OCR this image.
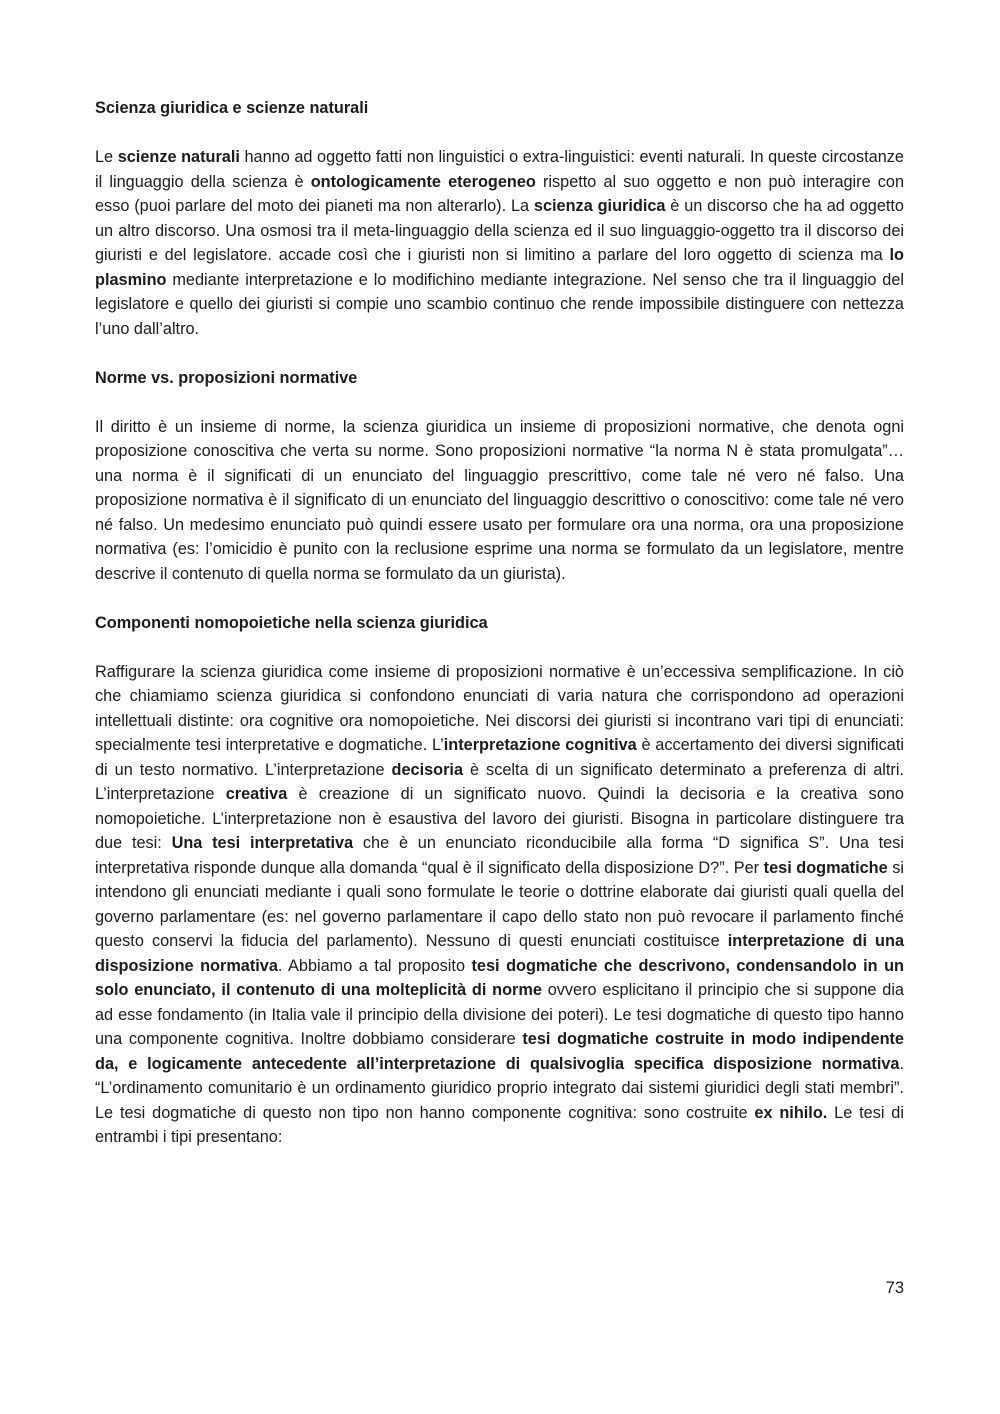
Scienza giuridica e scienze naturali

Le scienze naturali hanno ad oggetto fatti non linguistici o extra-linguistici: eventi naturali. In queste circostanze il linguaggio della scienza è ontologicamente eterogeneo rispetto al suo oggetto e non può interagire con esso (puoi parlare del moto dei pianeti ma non alterarlo). La scienza giuridica è un discorso che ha ad oggetto un altro discorso. Una osmosi tra il meta-linguaggio della scienza ed il suo linguaggio-oggetto tra il discorso dei giuristi e del legislatore. accade così che i giuristi non si limitino a parlare del loro oggetto di scienza ma lo plasmino mediante interpretazione e lo modifichino mediante integrazione. Nel senso che tra il linguaggio del legislatore e quello dei giuristi si compie uno scambio continuo che rende impossibile distinguere con nettezza l’uno dall’altro.

Norme vs. proposizioni normative

Il diritto è un insieme di norme, la scienza giuridica un insieme di proposizioni normative, che denota ogni proposizione conoscitiva che verta su norme. Sono proposizioni normative “la norma N è stata promulgata”… una norma è il significati di un enunciato del linguaggio prescrittivo, come tale né vero né falso. Una proposizione normativa è il significato di un enunciato del linguaggio descrittivo o conoscitivo: come tale né vero né falso. Un medesimo enunciato può quindi essere usato per formulare ora una norma, ora una proposizione normativa (es: l’omicidio è punito con la reclusione esprime una norma se formulato da un legislatore, mentre descrive il contenuto di quella norma se formulato da un giurista).

Componenti nomopoietiche nella scienza giuridica

Raffigurare la scienza giuridica come insieme di proposizioni normative è un’eccessiva semplificazione. In ciò che chiamiamo scienza giuridica si confondono enunciati di varia natura che corrispondono ad operazioni intellettuali distinte: ora cognitive ora nomopoietiche. Nei discorsi dei giuristi si incontrano vari tipi di enunciati: specialmente tesi interpretative e dogmatiche. L’interpretazione cognitiva è accertamento dei diversi significati di un testo normativo. L’interpretazione decisoria è scelta di un significato determinato a preferenza di altri. L’interpretazione creativa è creazione di un significato nuovo. Quindi la decisoria e la creativa sono nomopoietiche. L’interpretazione non è esaustiva del lavoro dei giuristi. Bisogna in particolare distinguere tra due tesi: Una tesi interpretativa che è un enunciato riconducibile alla forma “D significa S”. Una tesi interpretativa risponde dunque alla domanda “qual è il significato della disposizione D?”. Per tesi dogmatiche si intendono gli enunciati mediante i quali sono formulate le teorie o dottrine elaborate dai giuristi quali quella del governo parlamentare (es: nel governo parlamentare il capo dello stato non può revocare il parlamento finché questo conservi la fiducia del parlamento). Nessuno di questi enunciati costituisce interpretazione di una disposizione normativa. Abbiamo a tal proposito tesi dogmatiche che descrivono, condensandolo in un solo enunciato, il contenuto di una molteplicità di norme ovvero esplicitano il principio che si suppone dia ad esse fondamento (in Italia vale il principio della divisione dei poteri). Le tesi dogmatiche di questo tipo hanno una componente cognitiva. Inoltre dobbiamo considerare tesi dogmatiche costruite in modo indipendente da, e logicamente antecedente all’interpretazione di qualsivoglia specifica disposizione normativa. “L’ordinamento comunitario è un ordinamento giuridico proprio integrato dai sistemi giuridici degli stati membri”. Le tesi dogmatiche di questo non tipo non hanno componente cognitiva: sono costruite ex nihilo. Le tesi di entrambi i tipi presentano:

73
